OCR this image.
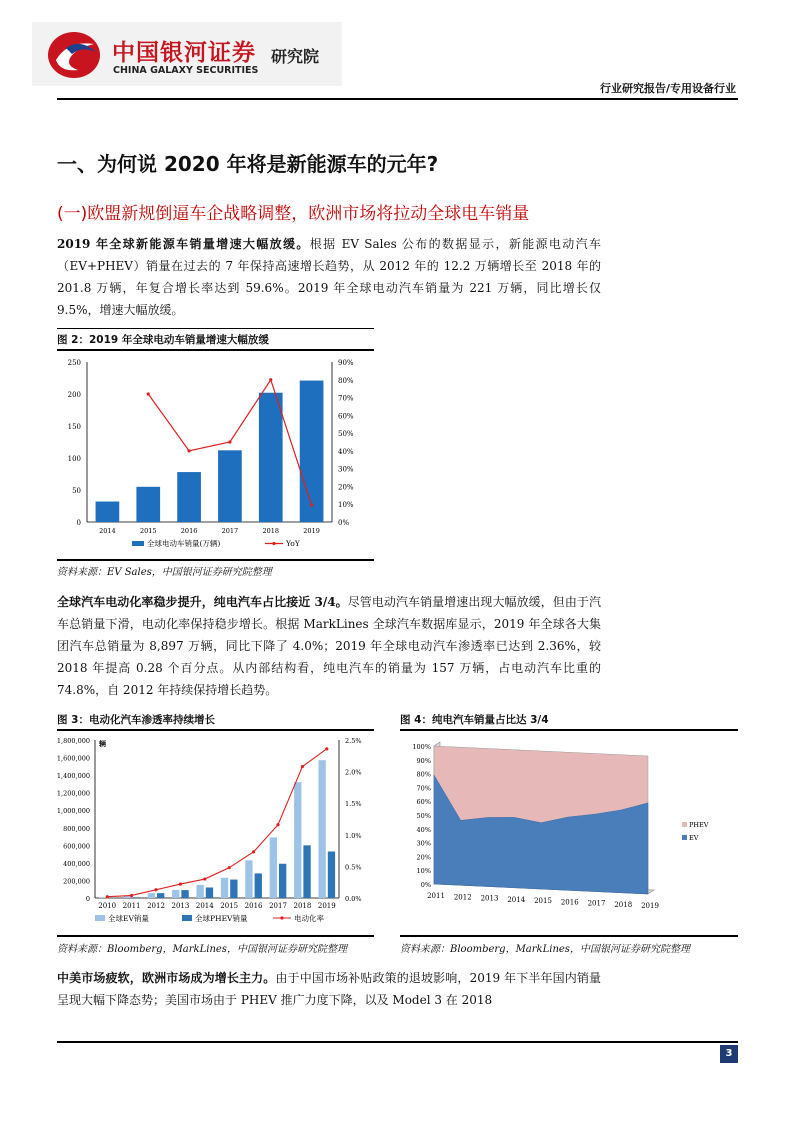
中国银河证券
CHINA GALAXY SECURITIES
研究院
行业研究报告/专用设备行业
一、为何说 2020 年将是新能源车的元年?
(一)欧盟新规倒逼车企战略调整，欧洲市场将拉动全球电车销量
2019 年全球新能源车销量增速大幅放缓。根据 EV Sales 公布的数据显示，新能源电动汽车（EV+PHEV）销量在过去的 7 年保持高速增长趋势，从 2012 年的 12.2 万辆增长至 2018 年的 201.8 万辆，年复合增长率达到 59.6%。2019 年全球电动汽车销量为 221 万辆，同比增长仅 9.5%，增速大幅放缓。
图 2：2019 年全球电动车销量增速大幅放缓
0
50
100
150
200
250
0%
10%
20%
30%
40%
50%
60%
70%
80%
90%
2014	2015	2016	2017	2018	2019
全球电动车销量(万辆)	YoY
资料来源：EV Sales，中国银河证券研究院整理
全球汽车电动化率稳步提升，纯电汽车占比接近 3/4。尽管电动汽车销量增速出现大幅放缓，但由于汽车总销量下滑，电动化率保持稳步增长。根据 MarkLines 全球汽车数据库显示，2019 年全球各大集团汽车总销量为 8,897 万辆，同比下降了 4.0%；2019 年全球电动汽车渗透率已达到 2.36%，较 2018 年提高 0.28 个百分点。从内部结构看，纯电汽车的销量为 157 万辆，占电动汽车比重的 74.8%，自 2012 年持续保持增长趋势。
图 3：电动化汽车渗透率持续增长
0
200,000
400,000
600,000
800,000
1,000,000
1,200,000
1,400,000
1,600,000
1,800,000
0.0%
0.5%
1.0%
1.5%
2.0%
2.5%
辆
2010 2011 2012 2013 2014 2015 2016 2017 2018 2019
全球EV销量	全球PHEV销量	电动化率
资料来源：Bloomberg，MarkLines，中国银河证券研究院整理
图 4：纯电汽车销量占比达 3/4
0%
10%
20%
30%
40%
50%
60%
70%
80%
90%
100%
2011 2012 2013 2014 2015 2016 2017 2018 2019
PHEV
EV
资料来源：Bloomberg，MarkLines，中国银河证券研究院整理
中美市场疲软，欧洲市场成为增长主力。由于中国市场补贴政策的退坡影响，2019 年下半年国内销量呈现大幅下降态势；美国市场由于 PHEV 推广力度下降，以及 Model 3 在 2018
3
